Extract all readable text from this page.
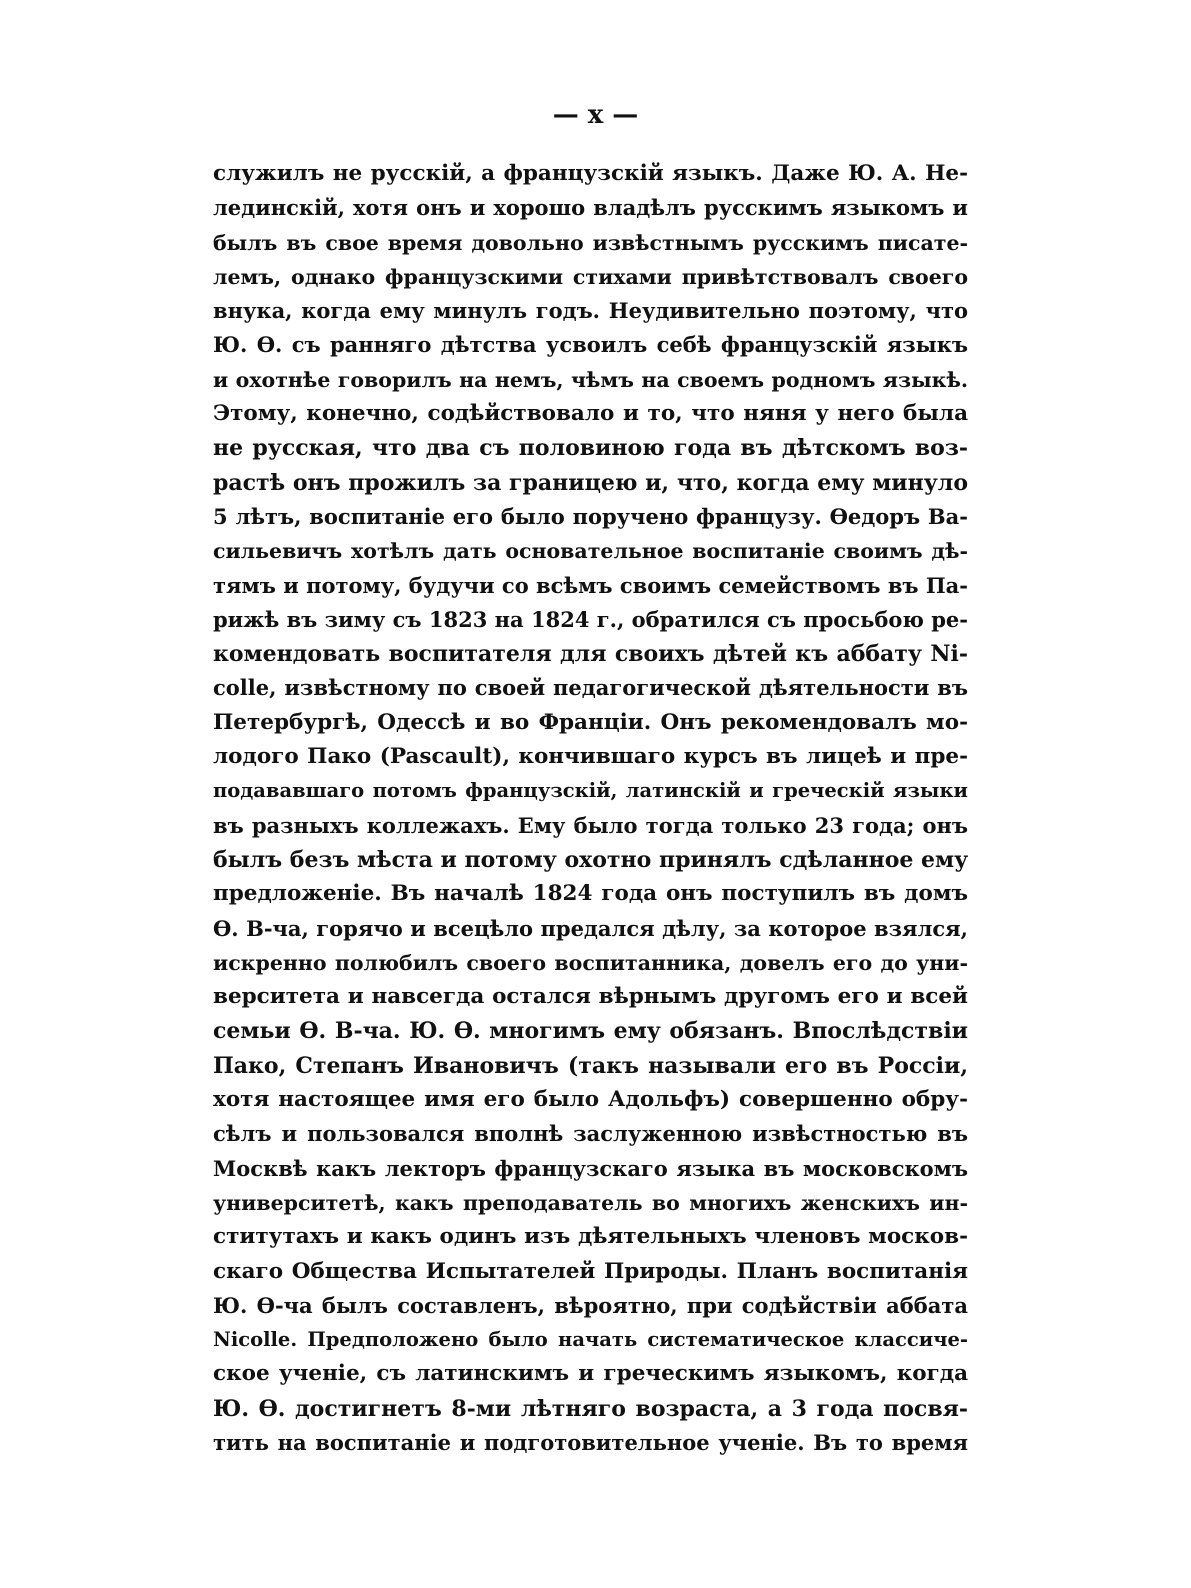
— x —
служилъ не русскій, а французскій языкъ. Даже Ю. А. Не-
лединскій, хотя онъ и хорошо владѣлъ русскимъ языкомъ и
былъ въ свое время довольно извѣстнымъ русскимъ писате-
лемъ, однако французскими стихами привѣтствовалъ своего
внука, когда ему минулъ годъ. Неудивительно поэтому, что
Ю. Ѳ. съ ранняго дѣтства усвоилъ себѣ французскій языкъ
и охотнѣе говорилъ на немъ, чѣмъ на своемъ родномъ языкѣ.
Этому, конечно, содѣйствовало и то, что няня у него была
не русская, что два съ половиною года въ дѣтскомъ воз-
растѣ онъ прожилъ за границею и, что, когда ему минуло
5 лѣтъ, воспитаніе его было поручено французу. Ѳедоръ Ва-
сильевичъ хотѣлъ дать основательное воспитаніе своимъ дѣ-
тямъ и потому, будучи со всѣмъ своимъ семействомъ въ Па-
рижѣ въ зиму съ 1823 на 1824 г., обратился съ просьбою ре-
комендовать воспитателя для своихъ дѣтей къ аббату Ni-
colle, извѣстному по своей педагогической дѣятельности въ
Петербургѣ, Одессѣ и во Франціи. Онъ рекомендовалъ мо-
лодого Пако (Pascault), кончившаго курсъ въ лицеѣ и пре-
подававшаго потомъ французскій, латинскій и греческій языки
въ разныхъ коллежахъ. Ему было тогда только 23 года; онъ
былъ безъ мѣста и потому охотно принялъ сдѣланное ему
предложеніе. Въ началѣ 1824 года онъ поступилъ въ домъ
Ѳ. В-ча, горячо и всецѣло предался дѣлу, за которое взялся,
искренно полюбилъ своего воспитанника, довелъ его до уни-
верситета и навсегда остался вѣрнымъ другомъ его и всей
семьи Ѳ. В-ча. Ю. Ѳ. многимъ ему обязанъ. Впослѣдствіи
Пако, Степанъ Ивановичъ (такъ называли его въ Россіи,
хотя настоящее имя его было Адольфъ) совершенно обру-
сѣлъ и пользовался вполнѣ заслуженною извѣстностью въ
Москвѣ какъ лекторъ французскаго языка въ московскомъ
университетѣ, какъ преподаватель во многихъ женскихъ ин-
ститутахъ и какъ одинъ изъ дѣятельныхъ членовъ москов-
скаго Общества Испытателей Природы. Планъ воспитанія
Ю. Ѳ-ча былъ составленъ, вѣроятно, при содѣйствіи аббата
Nicolle. Предположено было начать систематическое классиче-
ское ученіе, съ латинскимъ и греческимъ языкомъ, когда
Ю. Ѳ. достигнетъ 8-ми лѣтняго возраста, а 3 года посвя-
тить на воспитаніе и подготовительное ученіе. Въ то время
